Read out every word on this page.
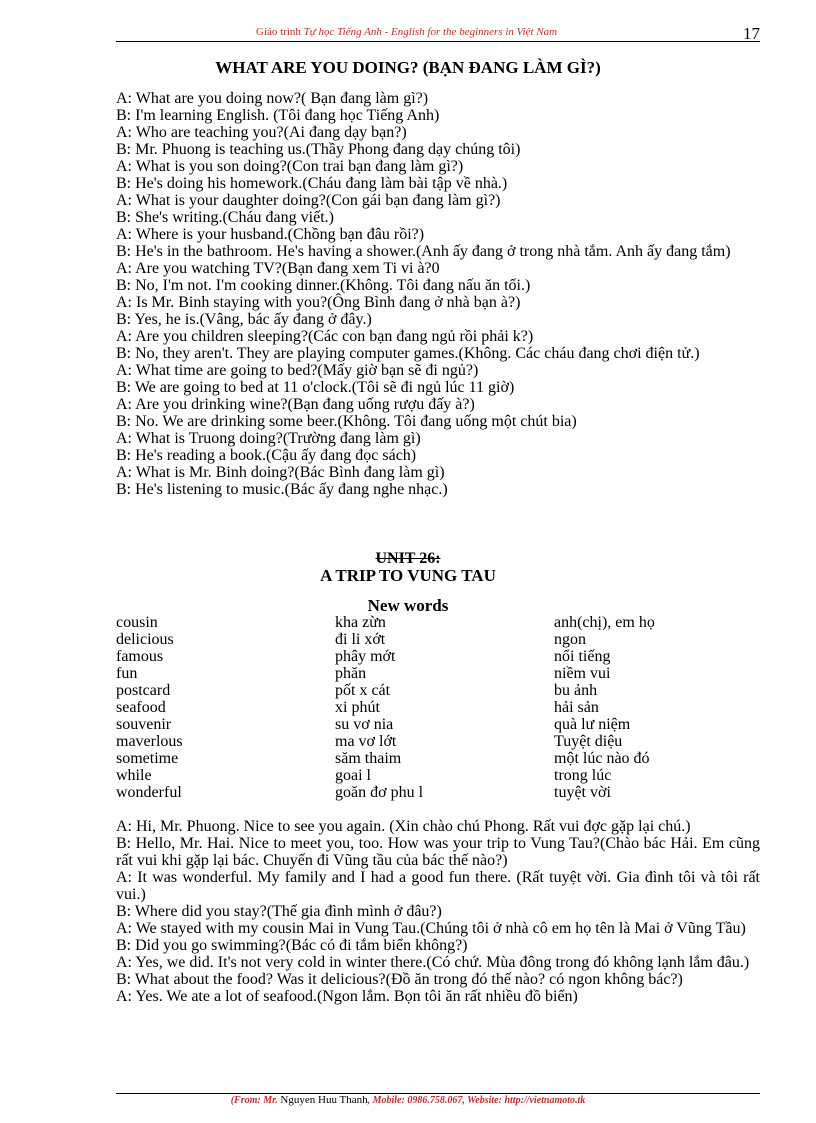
Giáo trình Tự học Tiếng Anh - English for the beginners in Việt Nam	17
WHAT ARE YOU DOING? (BẠN ĐANG LÀM GÌ?)
A: What are you doing now?( Bạn đang làm gì?)
B: I'm learning English. (Tôi đang học Tiếng Anh)
A: Who are teaching you?(Ai đang dạy bạn?)
B: Mr. Phuong is teaching us.(Thầy Phong đang dạy chúng tôi)
A: What is you son doing?(Con trai bạn đang làm gì?)
B: He's doing his homework.(Cháu đang làm bài tập về nhà.)
A: What is your daughter doing?(Con gái bạn đang làm gì?)
B: She's writing.(Cháu đang viết.)
A: Where is your husband.(Chồng bạn đâu rồi?)
B: He's in the bathroom. He's having a shower.(Anh ấy đang ở trong nhà tắm. Anh ấy đang tắm)
A: Are you watching TV?(Bạn đang xem Ti vi à?0
B: No, I'm not. I'm cooking dinner.(Không. Tôi đang nấu ăn tối.)
A: Is Mr. Binh staying with you?(Ông Bình đang ở nhà bạn à?)
B: Yes, he is.(Vâng, bác ấy đang ở đây.)
A: Are you children sleeping?(Các con bạn đang ngủ rồi phải k?)
B: No, they aren't. They are playing computer games.(Không. Các cháu đang chơi điện tử.)
A: What time are going to bed?(Mấy giờ bạn sẽ đi ngủ?)
B: We are going to bed at 11 o'clock.(Tôi sẽ đi ngủ lúc 11 giờ)
A: Are you drinking wine?(Bạn đang uống rượu đấy à?)
B: No. We are drinking some beer.(Không. Tôi đang uống một chút bia)
A: What is Truong doing?(Trường đang làm gì)
B: He's reading a book.(Cậu ấy đang đọc sách)
A: What is Mr. Binh doing?(Bác Bình đang làm gì)
B: He's listening to music.(Bác ấy đang nghe nhạc.)
UNIT 26:
A TRIP TO VUNG TAU
New words
cousin	kha zừn	anh(chị), em họ
delicious	đi li xớt	ngon
famous	phây mớt	nổi tiếng
fun	phăn	niềm vui
postcard	pốt x cát	bu ảnh
seafood	xi phút	hải sản
souvenir	su vơ nia	quà lư niệm
maverlous	ma vơ lớt	Tuyệt diệu
sometime	săm thaim	một lúc nào đó
while	goai l	trong lúc
wonderful	goăn đơ phu l	tuyệt vời
A: Hi, Mr. Phuong. Nice to see you again. (Xin chào chú Phong. Rất vui đợc gặp lại chú.)
B: Hello, Mr. Hai. Nice to meet you, too. How was your trip to Vung Tau?(Chào bác Hải. Em cũng rất vui khi gặp lại bác. Chuyến đi Vũng tầu của bác thế nào?)
A: It was wonderful. My family and I had a good fun there. (Rất tuyệt vời. Gia đình tôi và tôi rất vui.)
B: Where did you stay?(Thế gia đình mình ở đâu?)
A: We stayed with my cousin Mai in Vung Tau.(Chúng tôi ở nhà cô em họ tên là Mai ở Vũng Tầu)
B: Did you go swimming?(Bác có đi tắm biển không?)
A: Yes, we did. It's not very cold in winter there.(Có chứ. Mùa đông trong đó không lạnh lắm đâu.)
B: What about the food? Was it delicious?(Đồ ăn trong đó thế nào? có ngon không bác?)
A: Yes. We ate a lot of seafood.(Ngon lắm. Bọn tôi ăn rất nhiều đồ biển)
(From: Mr. Nguyen Huu Thanh, Mobile: 0986.758.067, Website: http://vietnamoto.tk
